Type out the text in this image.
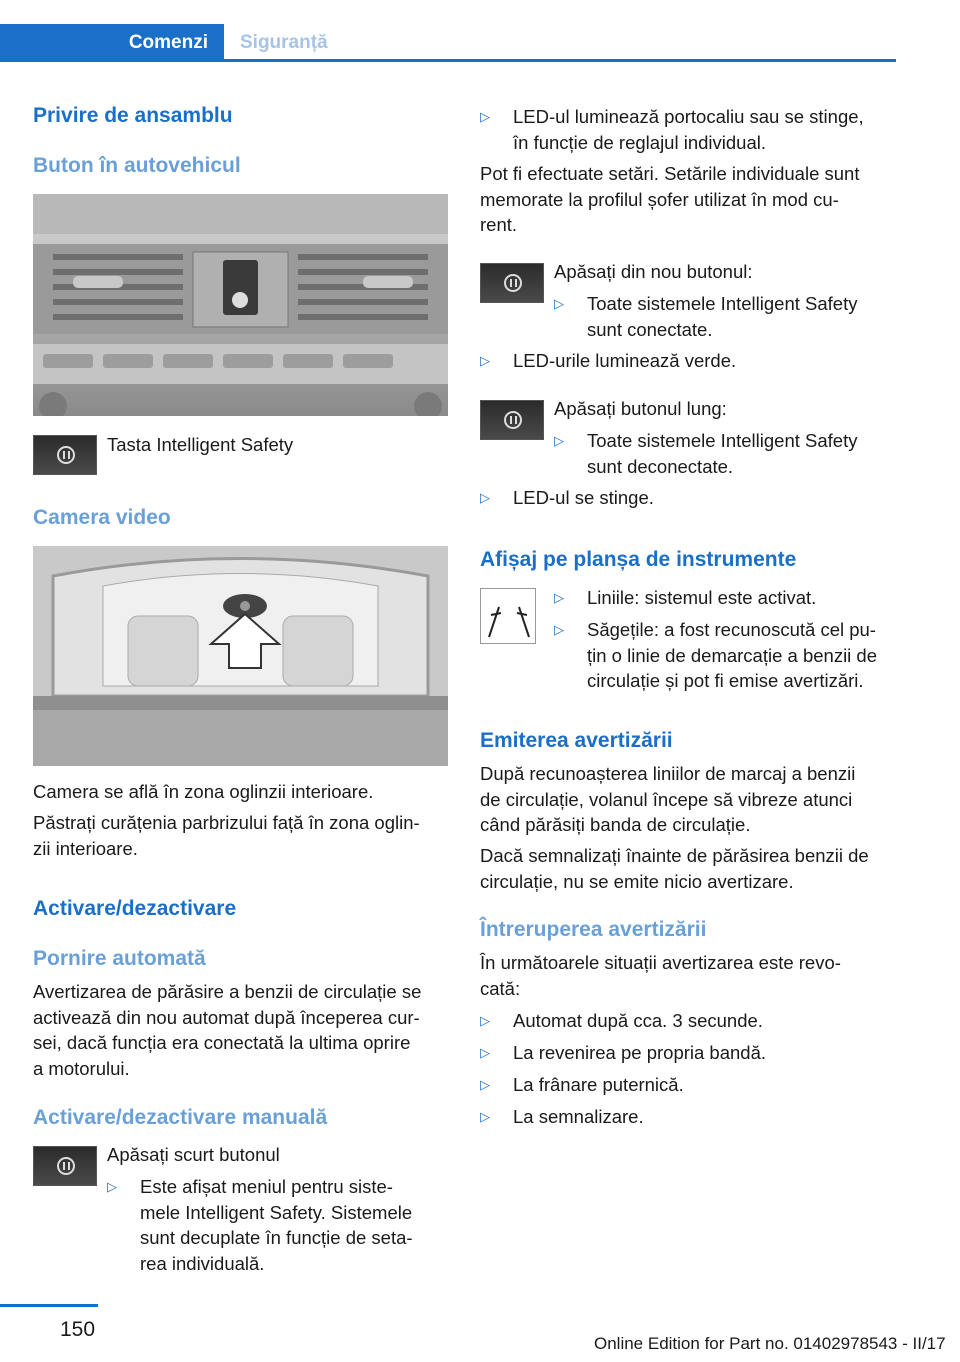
Comenzi	Siguranță
Privire de ansamblu
Buton în autovehicul
Tasta Intelligent Safety
Camera video
Camera se află în zona oglinzii interioare.
Păstrați curățenia parbrizului față în zona oglin-
zii interioare.
Activare/dezactivare
Pornire automată
Avertizarea de părăsire a benzii de circulație se
activează din nou automat după începerea cur-
sei, dacă funcția era conectată la ultima oprire
a motorului.
Activare/dezactivare manuală
Apăsați scurt butonul
▷ Este afișat meniul pentru siste-
mele Intelligent Safety. Sistemele
sunt decuplate în funcție de seta-
rea individuală.
▷ LED-ul luminează portocaliu sau se stinge,
în funcție de reglajul individual.
Pot fi efectuate setări. Setările individuale sunt
memorate la profilul șofer utilizat în mod cu-
rent.
Apăsați din nou butonul:
▷ Toate sistemele Intelligent Safety
sunt conectate.
▷ LED-urile luminează verde.
Apăsați butonul lung:
▷ Toate sistemele Intelligent Safety
sunt deconectate.
▷ LED-ul se stinge.
Afișaj pe planșa de instrumente
▷ Liniile: sistemul este activat.
▷ Săgețile: a fost recunoscută cel pu-
țin o linie de demarcație a benzii de
circulație și pot fi emise avertizări.
Emiterea avertizării
După recunoașterea liniilor de marcaj a benzii
de circulație, volanul începe să vibreze atunci
când părăsiți banda de circulație.
Dacă semnalizați înainte de părăsirea benzii de
circulație, nu se emite nicio avertizare.
Întreruperea avertizării
În următoarele situații avertizarea este revo-
cată:
▷ Automat după cca. 3 secunde.
▷ La revenirea pe propria bandă.
▷ La frânare puternică.
▷ La semnalizare.
150
Online Edition for Part no. 01402978543 - II/17
